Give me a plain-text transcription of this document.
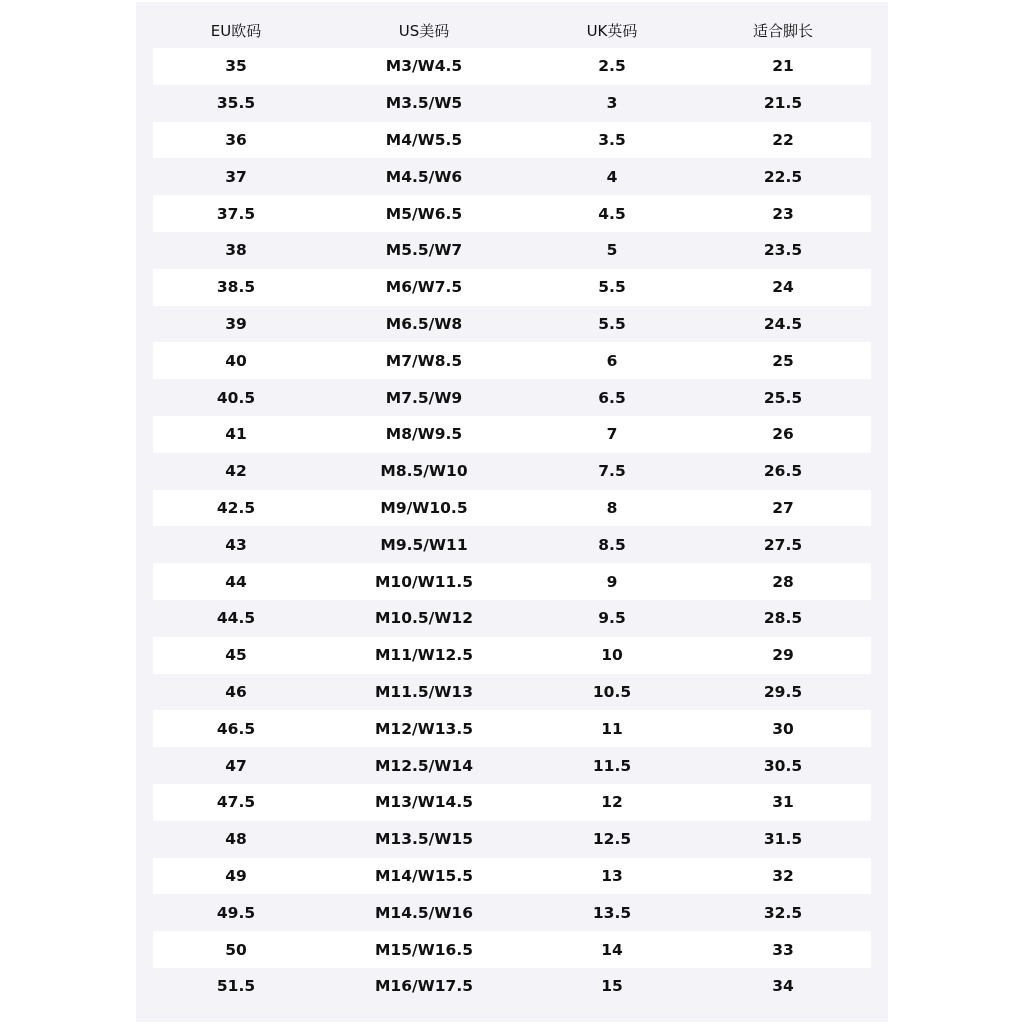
EU欧码	US美码	UK英码	适合脚长
35	M3/W4.5	2.5	21
35.5	M3.5/W5	3	21.5
36	M4/W5.5	3.5	22
37	M4.5/W6	4	22.5
37.5	M5/W6.5	4.5	23
38	M5.5/W7	5	23.5
38.5	M6/W7.5	5.5	24
39	M6.5/W8	5.5	24.5
40	M7/W8.5	6	25
40.5	M7.5/W9	6.5	25.5
41	M8/W9.5	7	26
42	M8.5/W10	7.5	26.5
42.5	M9/W10.5	8	27
43	M9.5/W11	8.5	27.5
44	M10/W11.5	9	28
44.5	M10.5/W12	9.5	28.5
45	M11/W12.5	10	29
46	M11.5/W13	10.5	29.5
46.5	M12/W13.5	11	30
47	M12.5/W14	11.5	30.5
47.5	M13/W14.5	12	31
48	M13.5/W15	12.5	31.5
49	M14/W15.5	13	32
49.5	M14.5/W16	13.5	32.5
50	M15/W16.5	14	33
51.5	M16/W17.5	15	34
